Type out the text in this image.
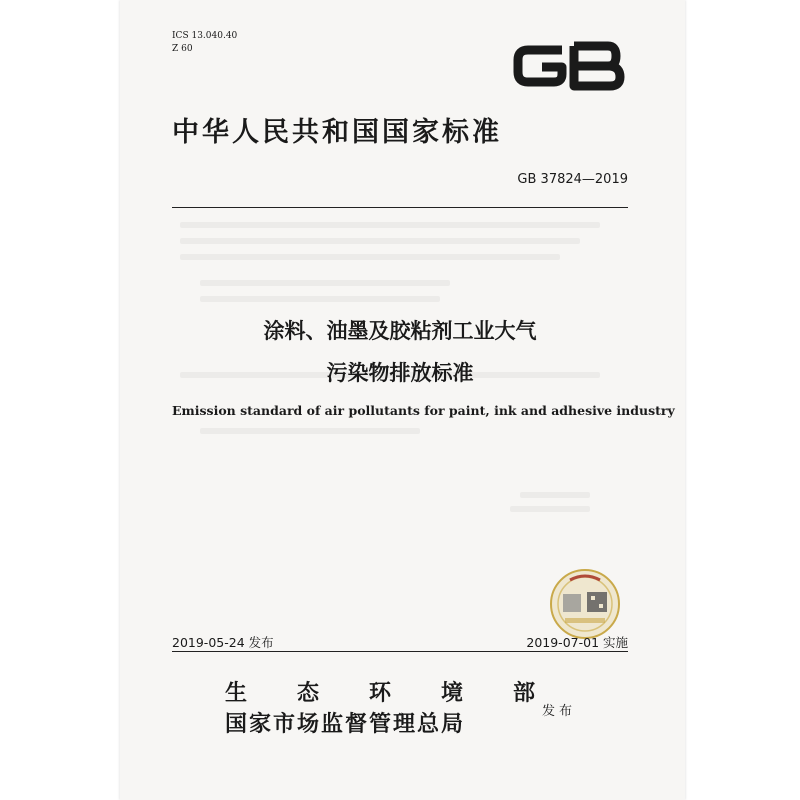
ICS 13.040.40
Z 60
中华人民共和国国家标准
GB 37824—2019
涂料、油墨及胶粘剂工业大气
污染物排放标准
Emission standard of air pollutants for paint, ink and adhesive industry
2019-05-24 发布	2019-07-01 实施
生 态 环 境 部
国家市场监督管理总局	发布
